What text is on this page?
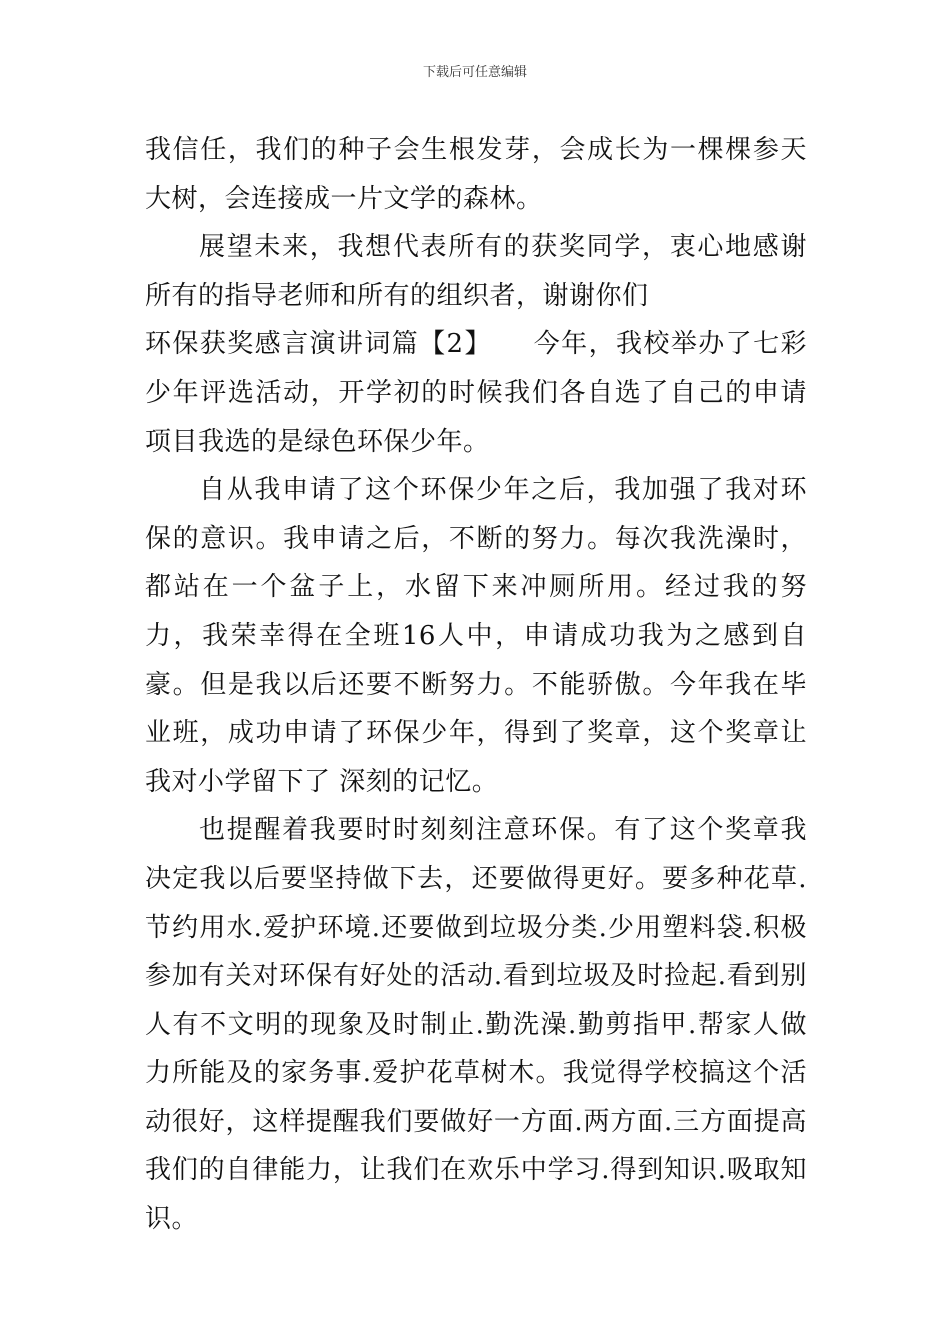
下载后可任意编辑

我信任，我们的种子会生根发芽，会成长为一棵棵参天大树，会连接成一片文学的森林。

展望未来，我想代表所有的获奖同学，衷心地感谢所有的指导老师和所有的组织者，谢谢你们

环保获奖感言演讲词篇【2】　　今年，我校举办了七彩少年评选活动，开学初的时候我们各自选了自己的申请项目我选的是绿色环保少年。

自从我申请了这个环保少年之后，我加强了我对环保的意识。我申请之后，不断的努力。每次我洗澡时，都站在一个盆子上，水留下来冲厕所用。经过我的努力，我荣幸得在全班16人中，申请成功我为之感到自豪。但是我以后还要不断努力。不能骄傲。今年我在毕业班，成功申请了环保少年，得到了奖章，这个奖章让我对小学留下了 深刻的记忆。

也提醒着我要时时刻刻注意环保。有了这个奖章我决定我以后要坚持做下去，还要做得更好。要多种花草.节约用水.爱护环境.还要做到垃圾分类.少用塑料袋.积极参加有关对环保有好处的活动.看到垃圾及时捡起.看到别人有不文明的现象及时制止.勤洗澡.勤剪指甲.帮家人做力所能及的家务事.爱护花草树木。我觉得学校搞这个活动很好，这样提醒我们要做好一方面.两方面.三方面提高我们的自律能力，让我们在欢乐中学习.得到知识.吸取知识。
